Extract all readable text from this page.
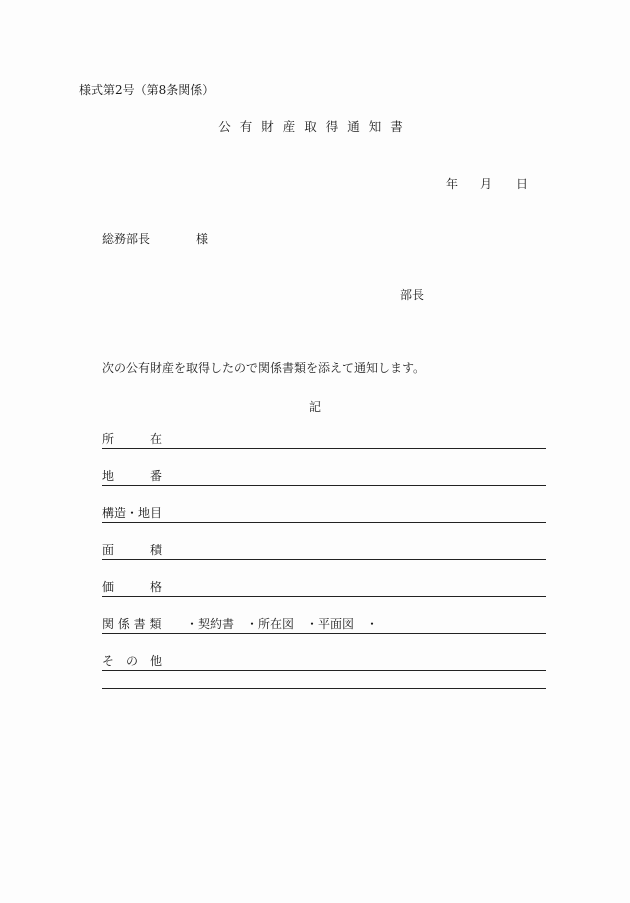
様式第2号（第8条関係）
公有財産取得通知書
年 月 日
総務部長	様
部長
次の公有財産を取得したので関係書類を添えて通知します。
記
所　　　在
地　　　番
構造・地目
面　　　積
価　　　格
関 係 書 類 ・契約書 ・所在図 ・平面図 ・
そ　の　他
